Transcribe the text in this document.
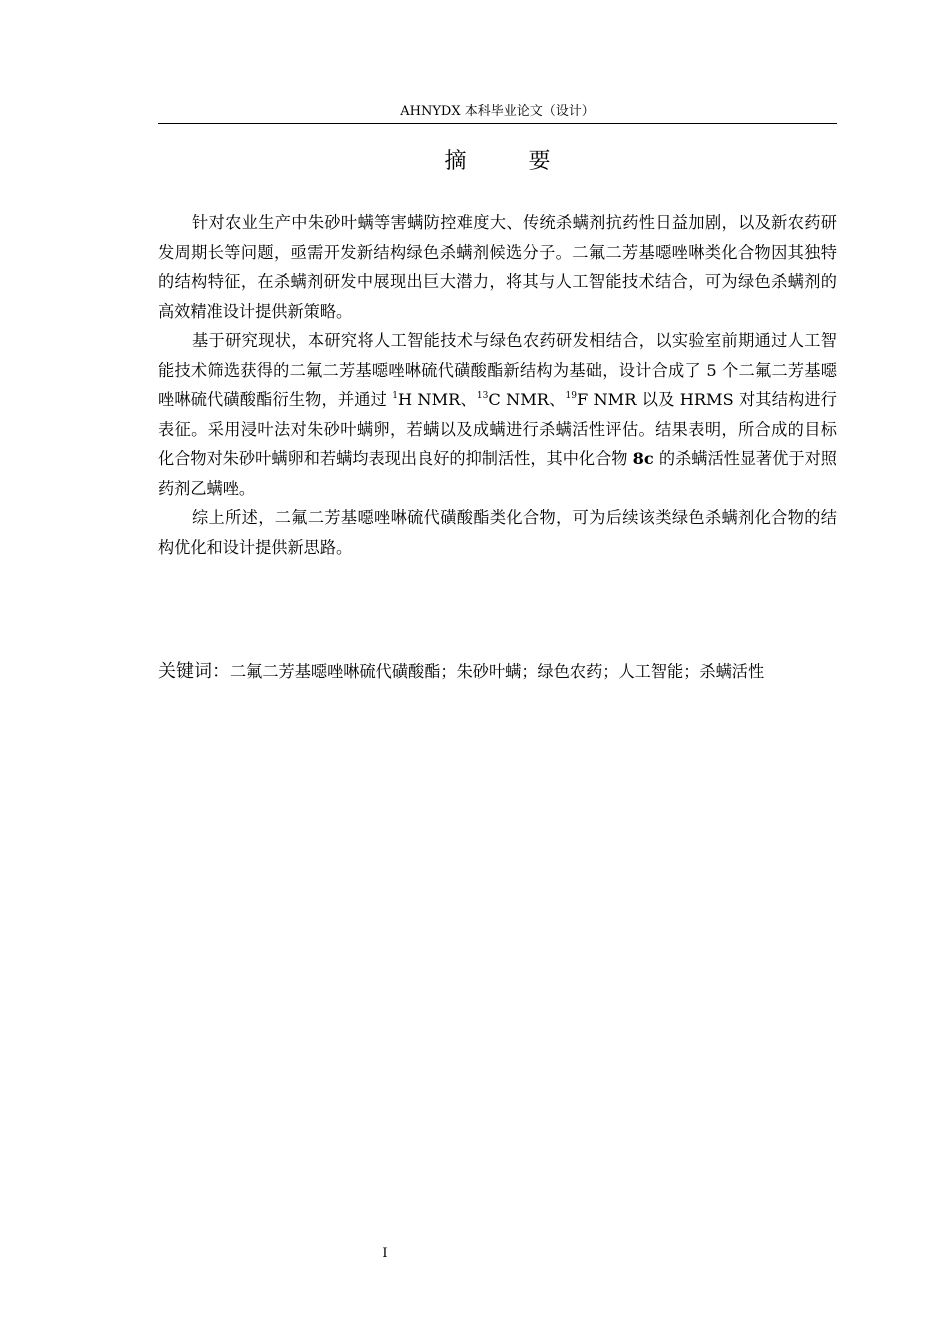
AHNYDX 本科毕业论文（设计）
摘　要

针对农业生产中朱砂叶螨等害螨防控难度大、传统杀螨剂抗药性日益加剧，以及新农药研发周期长等问题，亟需开发新结构绿色杀螨剂候选分子。二氟二芳基噁唑啉类化合物因其独特的结构特征，在杀螨剂研发中展现出巨大潜力，将其与人工智能技术结合，可为绿色杀螨剂的高效精准设计提供新策略。

基于研究现状，本研究将人工智能技术与绿色农药研发相结合，以实验室前期通过人工智能技术筛选获得的二氟二芳基噁唑啉硫代磺酸酯新结构为基础，设计合成了 5 个二氟二芳基噁唑啉硫代磺酸酯衍生物，并通过 $^1$H NMR、$^{13}$C NMR、$^{19}$F NMR 以及 HRMS 对其结构进行表征。采用浸叶法对朱砂叶螨卵，若螨以及成螨进行杀螨活性评估。结果表明，所合成的目标化合物对朱砂叶螨卵和若螨均表现出良好的抑制活性，其中化合物 8c 的杀螨活性显著优于对照药剂乙螨唑。

综上所述，二氟二芳基噁唑啉硫代磺酸酯类化合物，可为后续该类绿色杀螨剂化合物的结构优化和设计提供新思路。

关键词：二氟二芳基噁唑啉硫代磺酸酯；朱砂叶螨；绿色农药；人工智能；杀螨活性
I
